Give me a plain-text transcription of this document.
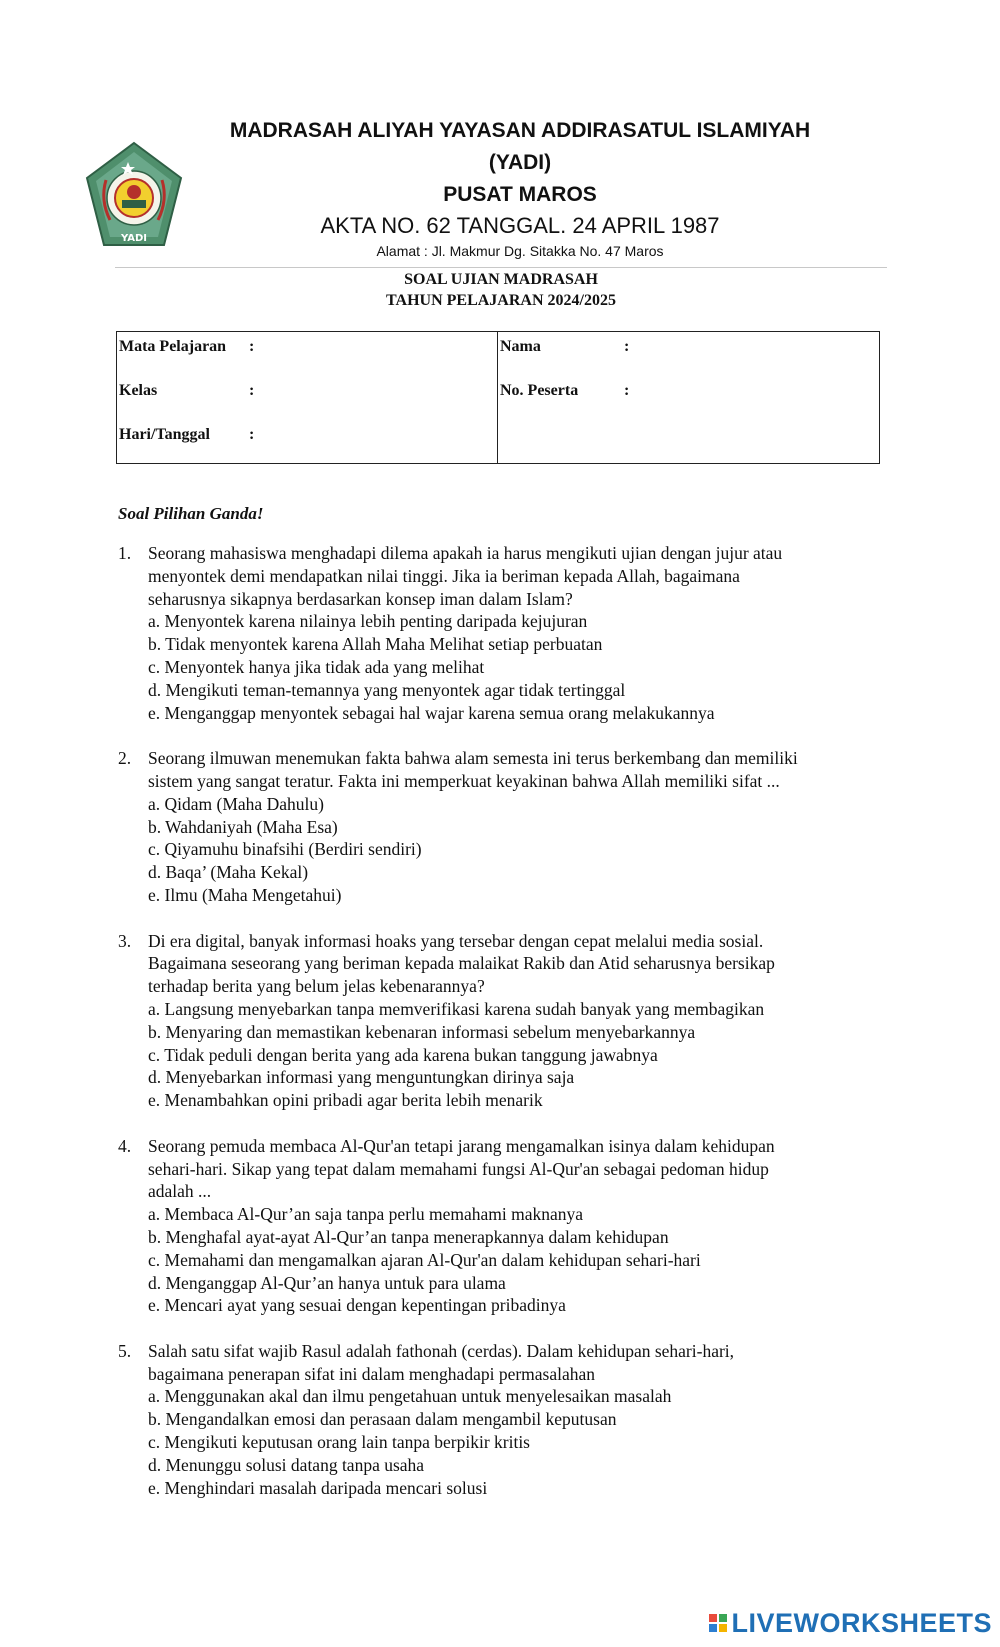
YADI
MADRASAH ALIYAH YAYASAN ADDIRASATUL ISLAMIYAH
(YADI)
PUSAT MAROS
AKTA NO. 62 TANGGAL. 24 APRIL 1987
Alamat : Jl. Makmur Dg. Sitakka No. 47 Maros
SOAL UJIAN MADRASAH
TAHUN PELAJARAN 2024/2025
Mata Pelajaran :
Kelas	:
Hari/Tanggal :
Nama	:
No. Peserta	:
Soal Pilihan Ganda!
1. Seorang mahasiswa menghadapi dilema apakah ia harus mengikuti ujian dengan jujur atau
menyontek demi mendapatkan nilai tinggi. Jika ia beriman kepada Allah, bagaimana
seharusnya sikapnya berdasarkan konsep iman dalam Islam?
a. Menyontek karena nilainya lebih penting daripada kejujuran
b. Tidak menyontek karena Allah Maha Melihat setiap perbuatan
c. Menyontek hanya jika tidak ada yang melihat
d. Mengikuti teman-temannya yang menyontek agar tidak tertinggal
e. Menganggap menyontek sebagai hal wajar karena semua orang melakukannya
2. Seorang ilmuwan menemukan fakta bahwa alam semesta ini terus berkembang dan memiliki
sistem yang sangat teratur. Fakta ini memperkuat keyakinan bahwa Allah memiliki sifat ...
a. Qidam (Maha Dahulu)
b. Wahdaniyah (Maha Esa)
c. Qiyamuhu binafsihi (Berdiri sendiri)
d. Baqa’ (Maha Kekal)
e. Ilmu (Maha Mengetahui)
3. Di era digital, banyak informasi hoaks yang tersebar dengan cepat melalui media sosial.
Bagaimana seseorang yang beriman kepada malaikat Rakib dan Atid seharusnya bersikap
terhadap berita yang belum jelas kebenarannya?
a. Langsung menyebarkan tanpa memverifikasi karena sudah banyak yang membagikan
b. Menyaring dan memastikan kebenaran informasi sebelum menyebarkannya
c. Tidak peduli dengan berita yang ada karena bukan tanggung jawabnya
d. Menyebarkan informasi yang menguntungkan dirinya saja
e. Menambahkan opini pribadi agar berita lebih menarik
4. Seorang pemuda membaca Al-Qur'an tetapi jarang mengamalkan isinya dalam kehidupan
sehari-hari. Sikap yang tepat dalam memahami fungsi Al-Qur'an sebagai pedoman hidup
adalah ...
a. Membaca Al-Qur’an saja tanpa perlu memahami maknanya
b. Menghafal ayat-ayat Al-Qur’an tanpa menerapkannya dalam kehidupan
c. Memahami dan mengamalkan ajaran Al-Qur'an dalam kehidupan sehari-hari
d. Menganggap Al-Qur’an hanya untuk para ulama
e. Mencari ayat yang sesuai dengan kepentingan pribadinya
5. Salah satu sifat wajib Rasul adalah fathonah (cerdas). Dalam kehidupan sehari-hari,
bagaimana penerapan sifat ini dalam menghadapi permasalahan
a. Menggunakan akal dan ilmu pengetahuan untuk menyelesaikan masalah
b. Mengandalkan emosi dan perasaan dalam mengambil keputusan
c. Mengikuti keputusan orang lain tanpa berpikir kritis
d. Menunggu solusi datang tanpa usaha
e. Menghindari masalah daripada mencari solusi
LIVEWORKSHEETS
